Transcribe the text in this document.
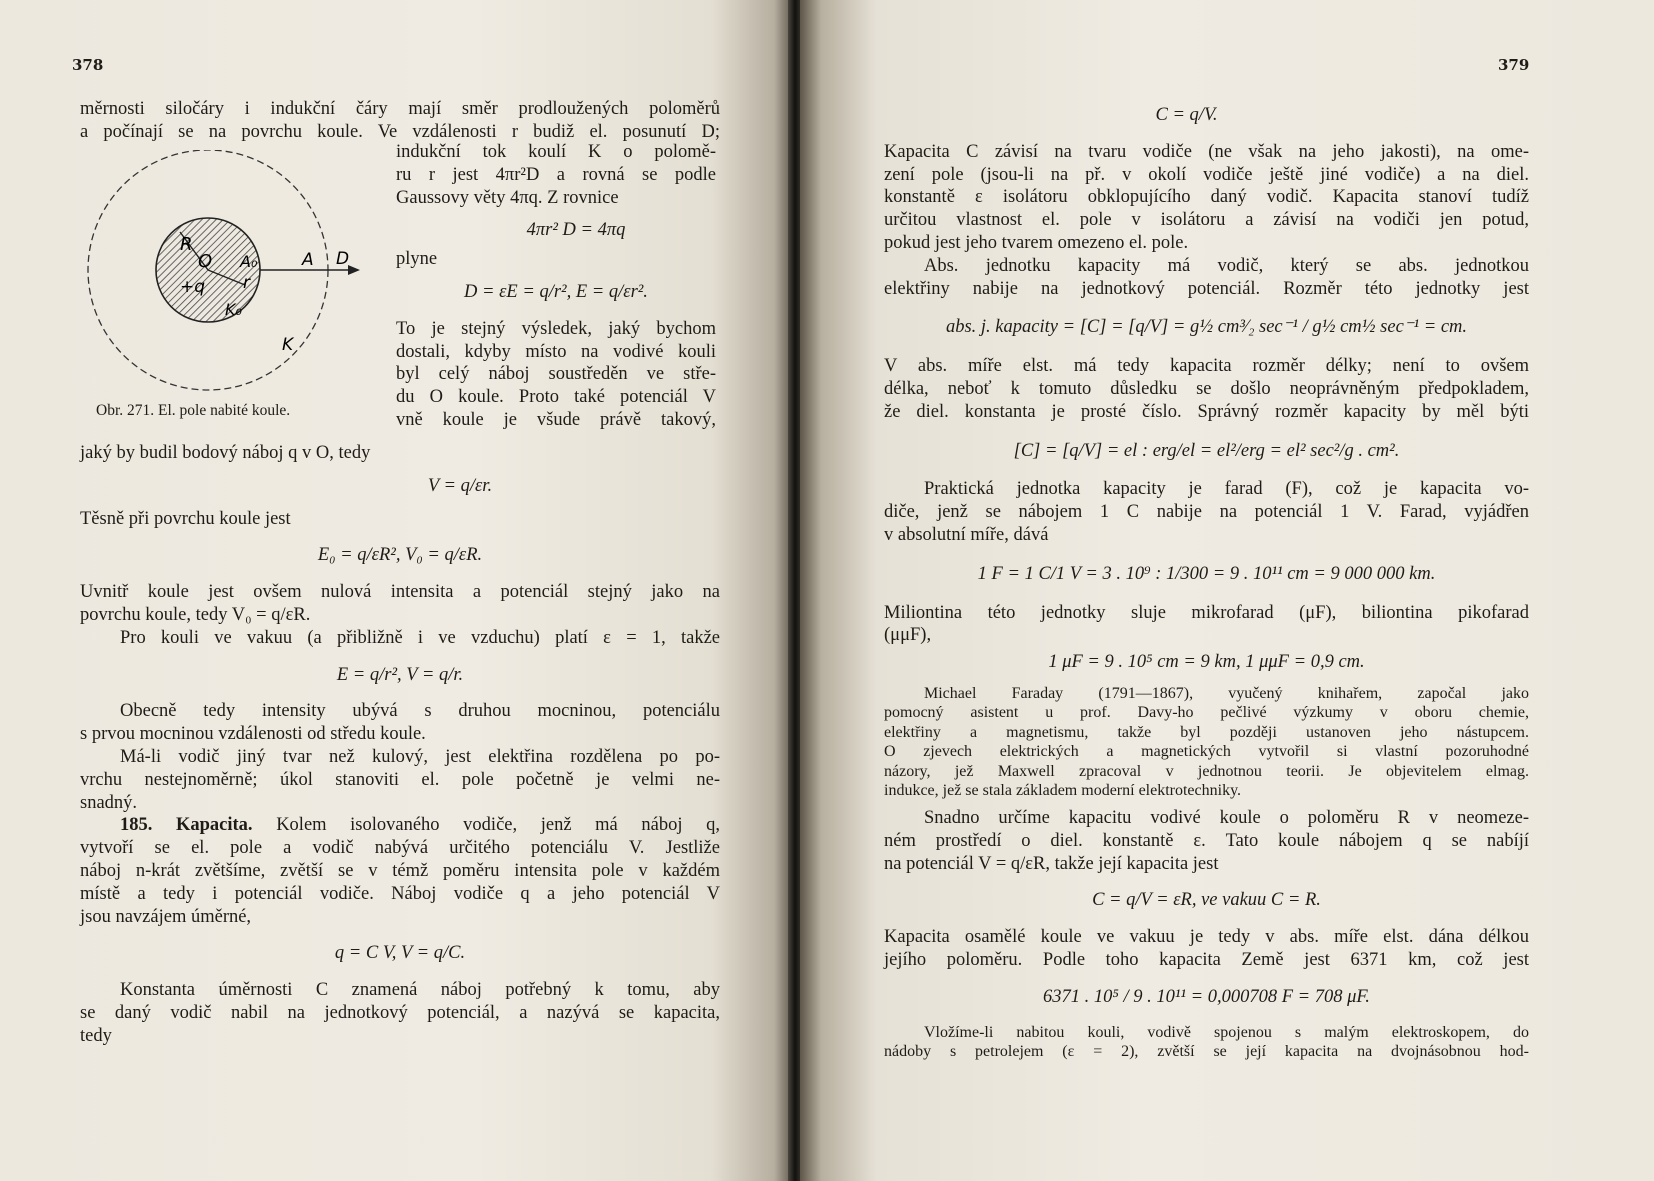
378
měrnosti siločáry i indukční čáry mají směr prodloužených poloměrů
a počínají se na povrchu koule. Ve vzdálenosti r budiž el. posunutí D;
R
O
+q
A₀
r
K₀
A D
K
Obr. 271. El. pole nabité koule.
indukční tok koulí K o polomě-
ru r jest 4πr²D a rovná se podle
Gaussovy věty 4πq. Z rovnice
4πr² D = 4πq
plyne
D = εE = q/r², E = q/εr².
To je stejný výsledek, jaký bychom
dostali, kdyby místo na vodivé kouli
byl celý náboj soustředěn ve stře-
du O koule. Proto také potenciál V
vně koule je všude právě takový,
jaký by budil bodový náboj q v O, tedy
V = q/εr.
Těsně při povrchu koule jest
E₀ = q/εR², V₀ = q/εR.
Uvnitř koule jest ovšem nulová intensita a potenciál stejný jako na
povrchu koule, tedy V₀ = q/εR.
Pro kouli ve vakuu (a přibližně i ve vzduchu) platí ε = 1, takže
E = q/r², V = q/r.
Obecně tedy intensity ubývá s druhou mocninou, potenciálu
s prvou mocninou vzdálenosti od středu koule.
Má-li vodič jiný tvar než kulový, jest elektřina rozdělena po po-
vrchu nestejnoměrně; úkol stanoviti el. pole početně je velmi ne-
snadný.
185. Kapacita. Kolem isolovaného vodiče, jenž má náboj q,
vytvoří se el. pole a vodič nabývá určitého potenciálu V. Jestliže
náboj n-krát zvětšíme, zvětší se v témž poměru intensita pole v každém
místě a tedy i potenciál vodiče. Náboj vodiče q a jeho potenciál V
jsou navzájem úměrné,
q = C V, V = q/C.
Konstanta úměrnosti C znamená náboj potřebný k tomu, aby
se daný vodič nabil na jednotkový potenciál, a nazývá se kapacita,
tedy
379
C = q/V.
Kapacita C závisí na tvaru vodiče (ne však na jeho jakosti), na ome-
zení pole (jsou-li na př. v okolí vodiče ještě jiné vodiče) a na diel.
konstantě ε isolátoru obklopujícího daný vodič. Kapacita stanoví tudíž
určitou vlastnost el. pole v isolátoru a závisí na vodiči jen potud,
pokud jest jeho tvarem omezeno el. pole.
Abs. jednotku kapacity má vodič, který se abs. jednotkou
elektřiny nabije na jednotkový potenciál. Rozměr této jednotky jest
abs. j. kapacity = [C] = [q/V] = g½ cm³⁄₂ sec⁻¹ / g½ cm½ sec⁻¹ = cm.
V abs. míře elst. má tedy kapacita rozměr délky; není to ovšem
délka, neboť k tomuto důsledku se došlo neoprávněným předpokladem,
že diel. konstanta je prosté číslo. Správný rozměr kapacity by měl býti
[C] = [q/V] = el : erg/el = el²/erg = el² sec²/g . cm².
Praktická jednotka kapacity je farad (F), což je kapacita vo-
diče, jenž se nábojem 1 C nabije na potenciál 1 V. Farad, vyjádřen
v absolutní míře, dává
1 F = 1 C/1 V = 3 . 10⁹ : 1/300 = 9 . 10¹¹ cm = 9 000 000 km.
Miliontina této jednotky sluje mikrofarad (μF), biliontina pikofarad
(μμF),
1 μF = 9 . 10⁵ cm = 9 km, 1 μμF = 0,9 cm.
Michael Faraday (1791—1867), vyučený knihařem, započal jako
pomocný asistent u prof. Davy-ho pečlivé výzkumy v oboru chemie,
elektřiny a magnetismu, takže byl později ustanoven jeho nástupcem.
O zjevech elektrických a magnetických vytvořil si vlastní pozoruhodné
názory, jež Maxwell zpracoval v jednotnou teorii. Je objevitelem elmag.
indukce, jež se stala základem moderní elektrotechniky.
Snadno určíme kapacitu vodivé koule o poloměru R v neomeze-
ném prostředí o diel. konstantě ε. Tato koule nábojem q se nabíjí
na potenciál V = q/εR, takže její kapacita jest
C = q/V = εR, ve vakuu C = R.
Kapacita osamělé koule ve vakuu je tedy v abs. míře elst. dána délkou
jejího poloměru. Podle toho kapacita Země jest 6371 km, což jest
6371 . 10⁵ / 9 . 10¹¹ = 0,000708 F = 708 μF.
Vložíme-li nabitou kouli, vodivě spojenou s malým elektroskopem, do
nádoby s petrolejem (ε = 2), zvětší se její kapacita na dvojnásobnou hod-
